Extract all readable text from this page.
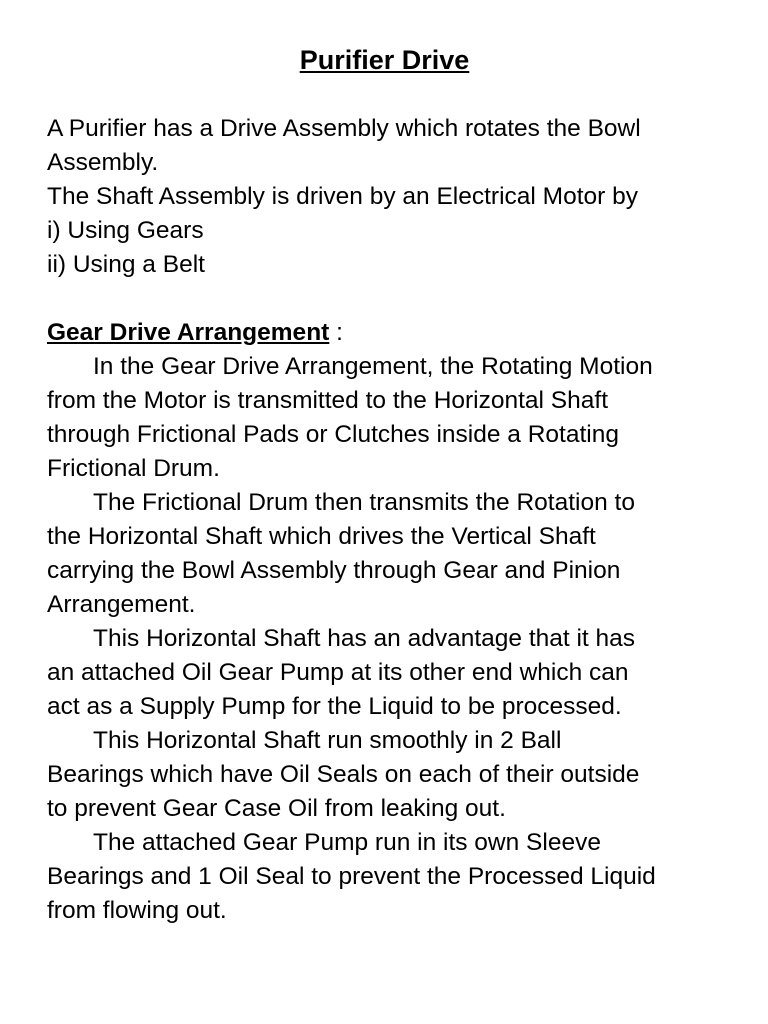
Purifier Drive
A Purifier has a Drive Assembly which rotates the Bowl
Assembly.
The Shaft Assembly is driven by an Electrical Motor by
i) Using Gears
ii) Using a Belt
Gear Drive Arrangement :

In the Gear Drive Arrangement, the Rotating Motion
from the Motor is transmitted to the Horizontal Shaft
through Frictional Pads or Clutches inside a Rotating
Frictional Drum.

The Frictional Drum then transmits the Rotation to
the Horizontal Shaft which drives the Vertical Shaft
carrying the Bowl Assembly through Gear and Pinion
Arrangement.

This Horizontal Shaft has an advantage that it has
an attached Oil Gear Pump at its other end which can
act as a Supply Pump for the Liquid to be processed.

This Horizontal Shaft run smoothly in 2 Ball
Bearings which have Oil Seals on each of their outside
to prevent Gear Case Oil from leaking out.

The attached Gear Pump run in its own Sleeve
Bearings and 1 Oil Seal to prevent the Processed Liquid
from flowing out.
